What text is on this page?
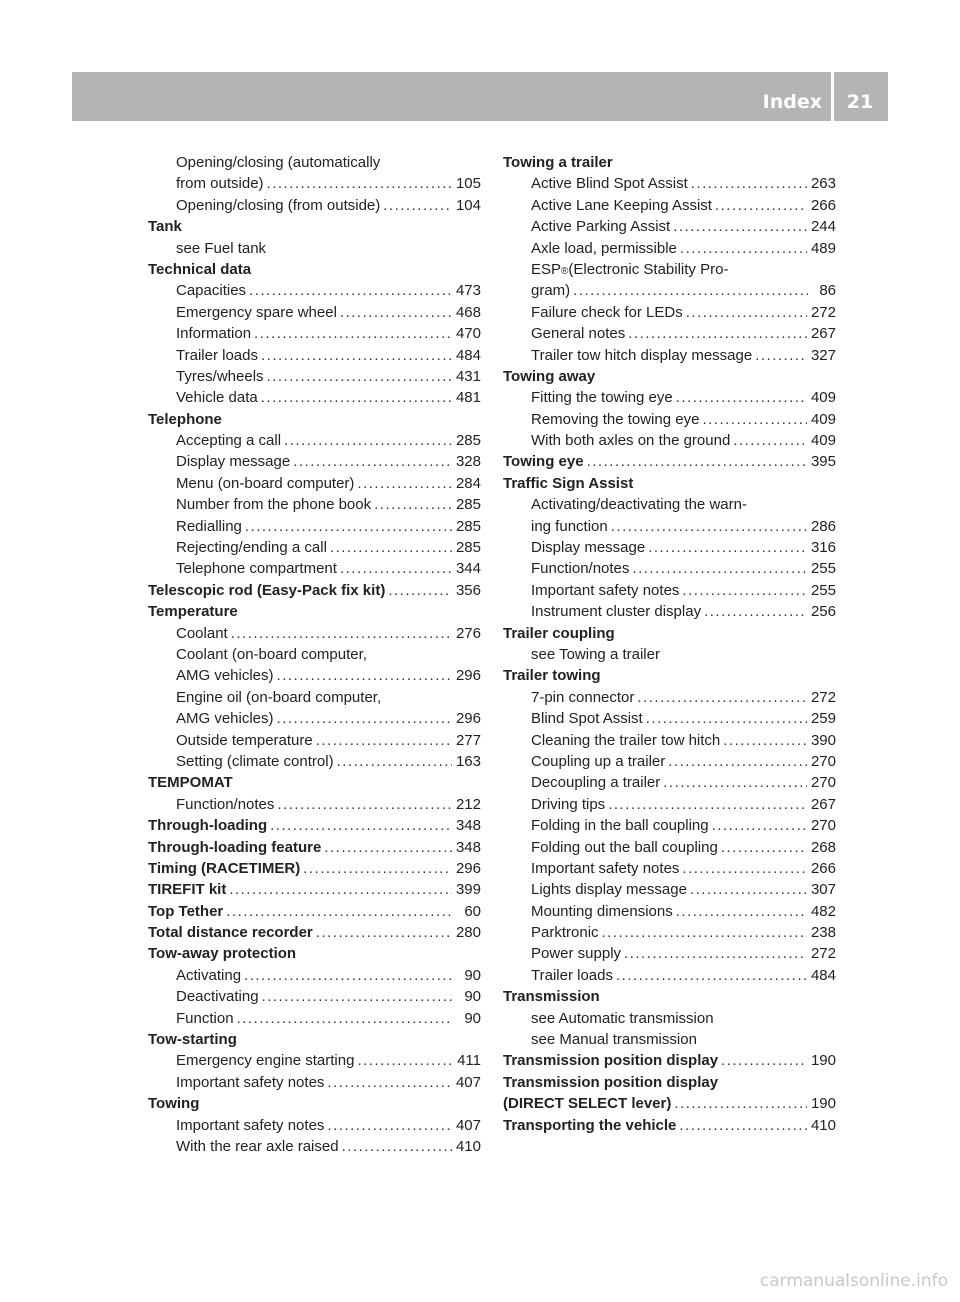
Index	21
Opening/closing (automatically
from outside) .....	105
Opening/closing (from outside) .....	104
Tank
see Fuel tank
Technical data
Capacities .....	473
Emergency spare wheel .....	468
Information .....	470
Trailer loads .....	484
Tyres/wheels .....	431
Vehicle data .....	481
Telephone
Accepting a call .....	285
Display message .....	328
Menu (on-board computer) .....	284
Number from the phone book .....	285
Redialling .....	285
Rejecting/ending a call .....	285
Telephone compartment .....	344
Telescopic rod (Easy-Pack fix kit) .....	356
Temperature
Coolant .....	276
Coolant (on-board computer,
AMG vehicles) .....	296
Engine oil (on-board computer,
AMG vehicles) .....	296
Outside temperature .....	277
Setting (climate control) .....	163
TEMPOMAT
Function/notes .....	212
Through-loading .....	348
Through-loading feature .....	348
Timing (RACETIMER) .....	296
TIREFIT kit .....	399
Top Tether .....	60
Total distance recorder .....	280
Tow-away protection
Activating .....	90
Deactivating .....	90
Function .....	90
Tow-starting
Emergency engine starting .....	411
Important safety notes .....	407
Towing
Important safety notes .....	407
With the rear axle raised .....	410
Towing a trailer
Active Blind Spot Assist .....	263
Active Lane Keeping Assist .....	266
Active Parking Assist .....	244
Axle load, permissible .....	489
ESP ® (Electronic Stability Pro-
gram) .....	86
Failure check for LEDs .....	272
General notes .....	267
Trailer tow hitch display message .....	327
Towing away
Fitting the towing eye .....	409
Removing the towing eye .....	409
With both axles on the ground .....	409
Towing eye .....	395
Traffic Sign Assist
Activating/deactivating the warn-
ing function .....	286
Display message .....	316
Function/notes .....	255
Important safety notes .....	255
Instrument cluster display .....	256
Trailer coupling
see Towing a trailer
Trailer towing
7-pin connector .....	272
Blind Spot Assist .....	259
Cleaning the trailer tow hitch .....	390
Coupling up a trailer .....	270
Decoupling a trailer .....	270
Driving tips .....	267
Folding in the ball coupling .....	270
Folding out the ball coupling .....	268
Important safety notes .....	266
Lights display message .....	307
Mounting dimensions .....	482
Parktronic .....	238
Power supply .....	272
Trailer loads .....	484
Transmission
see Automatic transmission
see Manual transmission
Transmission position display .....	190
Transmission position display
(DIRECT SELECT lever) .....	190
Transporting the vehicle .....	410
carmanualsonline.info
